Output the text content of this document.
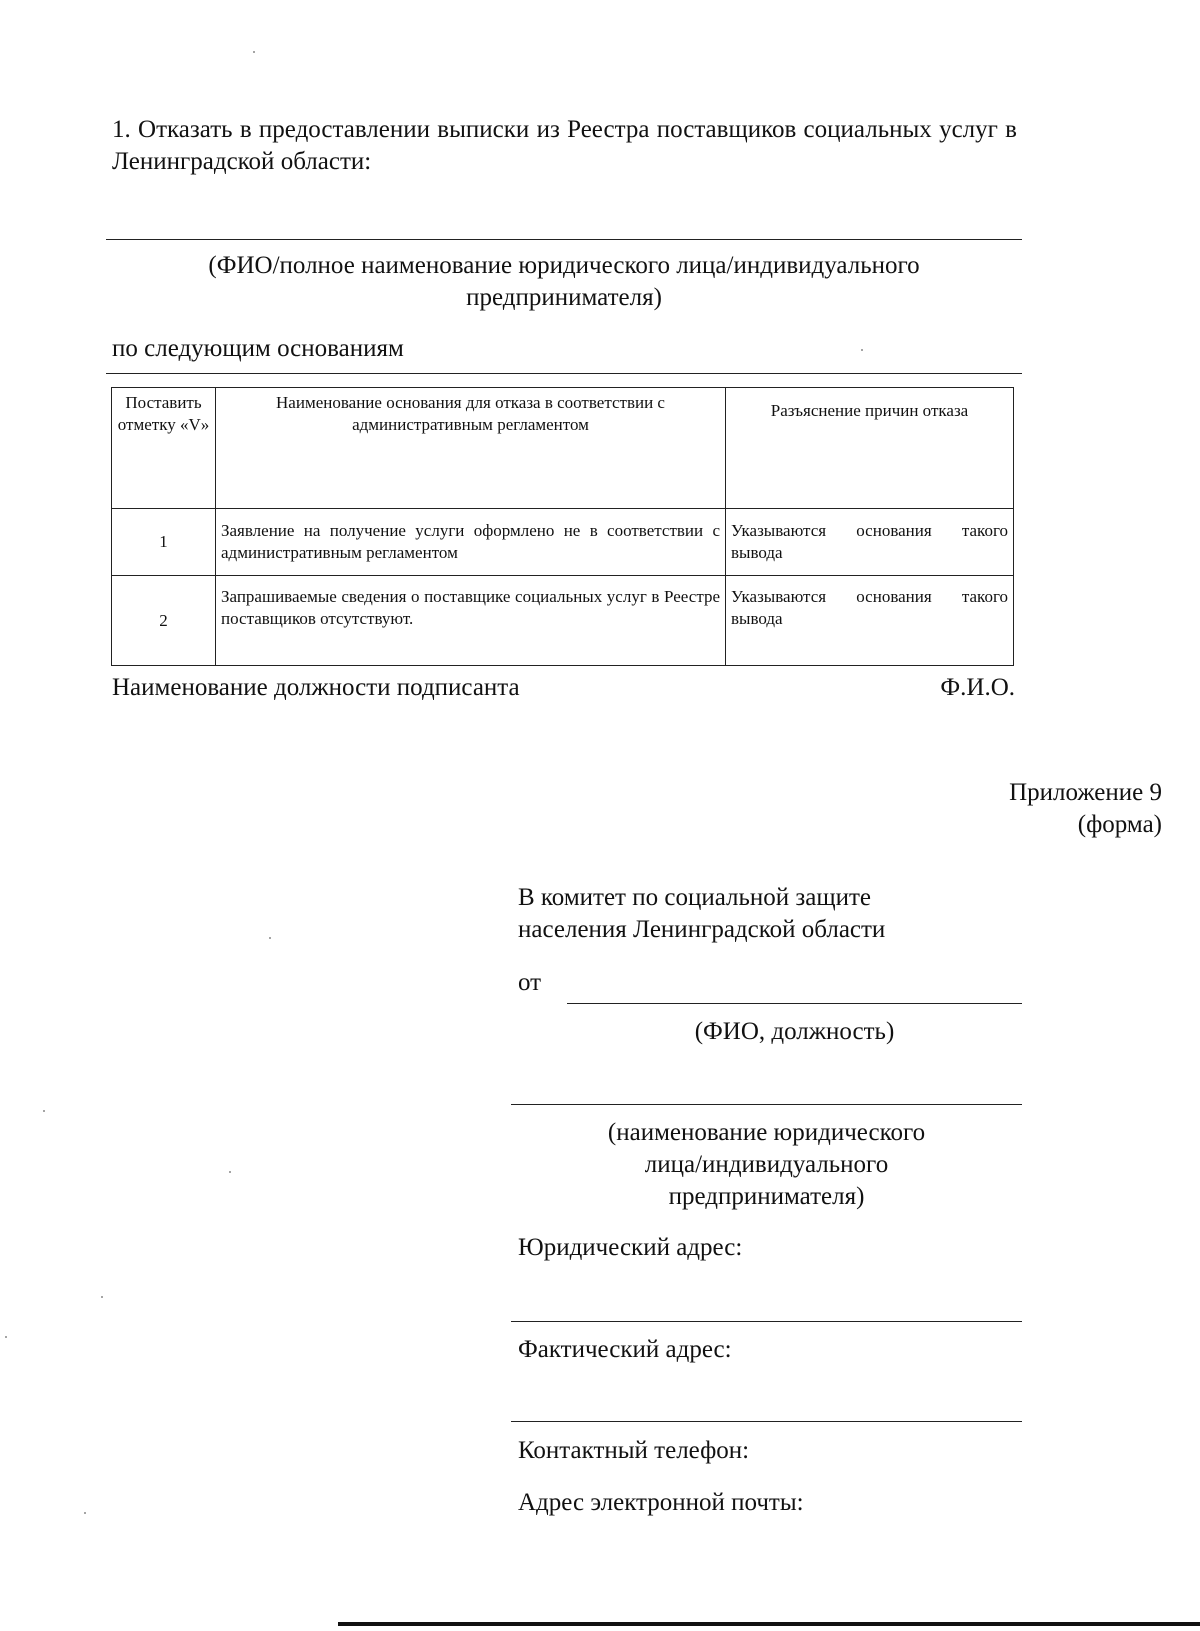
1. Отказать в предоставлении выписки из Реестра поставщиков социальных услуг в Ленинградской области:
(ФИО/полное наименование юридического лица/индивидуального
предпринимателя)
по следующим основаниям
Поставить отметку «V»	Наименование основания для отказа в соответствии с административным регламентом	Разъяснение причин отказа
1	Заявление на получение услуги оформлено не в соответствии с административным регламентом	Указываются основания такого вывода
2	Запрашиваемые сведения о поставщике социальных услуг в Реестре поставщиков отсутствуют.	Указываются основания такого вывода
Наименование должности подписанта	Ф.И.О.
Приложение 9
(форма)
В комитет по социальной защите
населения Ленинградской области
от
(ФИО, должность)
(наименование юридического
лица/индивидуального
предпринимателя)
Юридический адрес:
Фактический адрес:
Контактный телефон:
Адрес электронной почты:
